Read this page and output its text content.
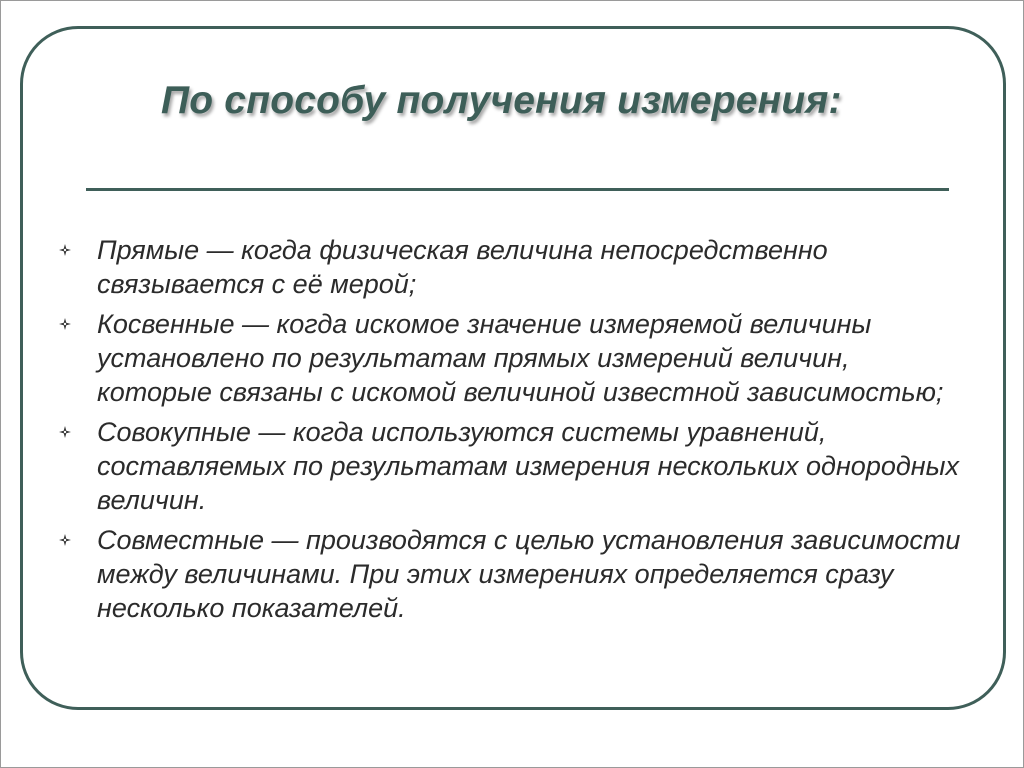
По способу получения измерения:
Прямые — когда физическая величина непосредственно связывается с её мерой;
Косвенные — когда искомое значение измеряемой величины установлено по результатам прямых измерений величин, которые связаны с искомой величиной известной зависимостью;
Совокупные — когда используются системы уравнений, составляемых по результатам измерения нескольких однородных величин.
Совместные — производятся с целью установления зависимости между величинами. При этих измерениях определяется сразу несколько показателей.
